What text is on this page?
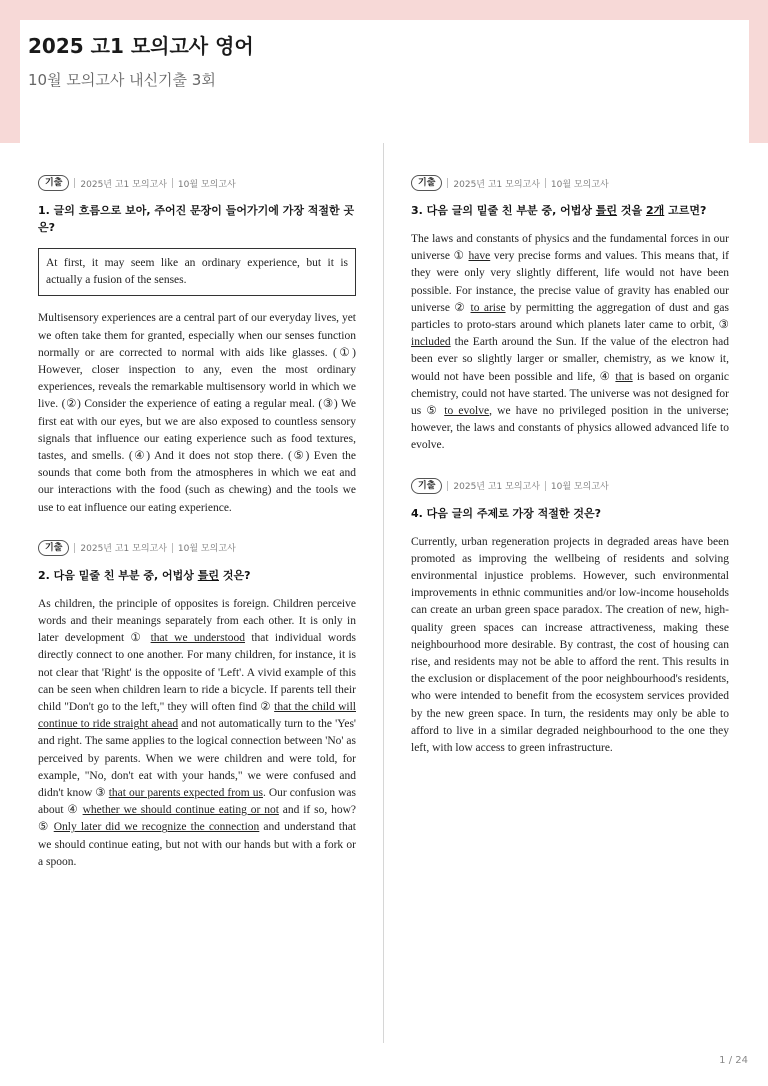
2025 고1 모의고사 영어
10월 모의고사 내신기출 3회
기출	2025년 고1 모의고사 10월 모의고사
1. 글의 흐름으로 보아, 주어진 문장이 들어가기에 가장 적절한 곳은?
At first, it may seem like an ordinary experience, but it is actually a fusion of the senses.
Multisensory experiences are a central part of our everyday lives, yet we often take them for granted, especially when our senses function normally or are corrected to normal with aids like glasses. (①) However, closer inspection to any, even the most ordinary experiences, reveals the remarkable multisensory world in which we live. (②) Consider the experience of eating a regular meal. (③) We first eat with our eyes, but we are also exposed to countless sensory signals that influence our eating experience such as food textures, tastes, and smells. (④) And it does not stop there. (⑤) Even the sounds that come both from the atmospheres in which we eat and our interactions with the food (such as chewing) and the tools we use to eat influence our eating experience.
기출	2025년 고1 모의고사 10월 모의고사
2. 다음 밑줄 친 부분 중, 어법상 틀린 것은?
As children, the principle of opposites is foreign. Children perceive words and their meanings separately from each other. It is only in later development ① that we understood that individual words directly connect to one another. For many children, for instance, it is not clear that 'Right' is the opposite of 'Left'. A vivid example of this can be seen when children learn to ride a bicycle. If parents tell their child "Don't go to the left," they will often find ② that the child will continue to ride straight ahead and not automatically turn to the 'Yes' and right. The same applies to the logical connection between 'No' as perceived by parents. When we were children and were told, for example, "No, don't eat with your hands," we were confused and didn't know ③ that our parents expected from us. Our confusion was about ④ whether we should continue eating or not and if so, how? ⑤ Only later did we recognize the connection and understand that we should continue eating, but not with our hands but with a fork or a spoon.
기출	2025년 고1 모의고사 10월 모의고사
3. 다음 글의 밑줄 친 부분 중, 어법상 틀린 것을 2개 고르면?
The laws and constants of physics and the fundamental forces in our universe ① have very precise forms and values. This means that, if they were only very slightly different, life would not have been possible. For instance, the precise value of gravity has enabled our universe ② to arise by permitting the aggregation of dust and gas particles to proto-stars around which planets later came to orbit, ③ included the Earth around the Sun. If the value of the electron had been ever so slightly larger or smaller, chemistry, as we know it, would not have been possible and life, ④ that is based on organic chemistry, could not have started. The universe was not designed for us ⑤ to evolve, we have no privileged position in the universe; however, the laws and constants of physics allowed advanced life to evolve.
기출	2025년 고1 모의고사 10월 모의고사
4. 다음 글의 주제로 가장 적절한 것은?
Currently, urban regeneration projects in degraded areas have been promoted as improving the wellbeing of residents and solving environmental injustice problems. However, such environmental improvements in ethnic communities and/or low-income households can create an urban green space paradox. The creation of new, high-quality green spaces can increase attractiveness, making these neighbourhood more desirable. By contrast, the cost of housing can rise, and residents may not be able to afford the rent. This results in the exclusion or displacement of the poor neighbourhood's residents, who were intended to benefit from the ecosystem services provided by the new green space. In turn, the residents may only be able to afford to live in a similar degraded neighbourhood to the one they left, with low access to green infrastructure.
1 / 24
